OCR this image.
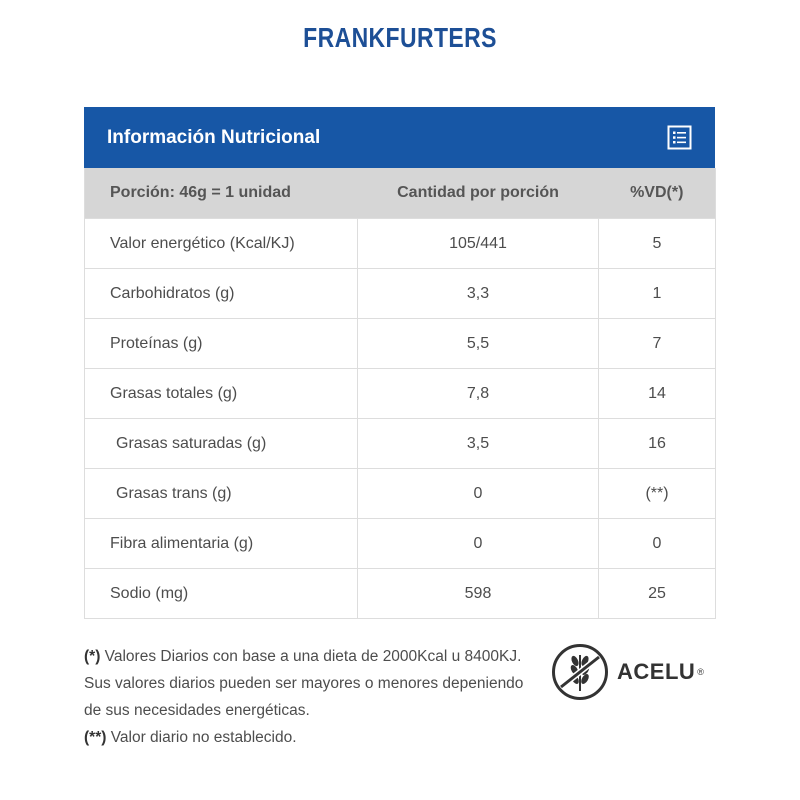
FRANKFURTERS
Información Nutricional
Porción: 46g = 1 unidad	Cantidad por porción	%VD(*)
Valor energético (Kcal/KJ)	105/441	5
Carbohidratos (g)	3,3	1
Proteínas (g)	5,5	7
Grasas totales (g)	7,8	14
Grasas saturadas (g)	3,5	16
Grasas trans (g)	0	(**)
Fibra alimentaria (g)	0	0
Sodio (mg)	598	25

(*) Valores Diarios con base a una dieta de 2000Kcal u 8400KJ. Sus valores diarios pueden ser mayores o menores depeniendo de sus necesidades energéticas.

(**) Valor diario no establecido.

ACELU ®
